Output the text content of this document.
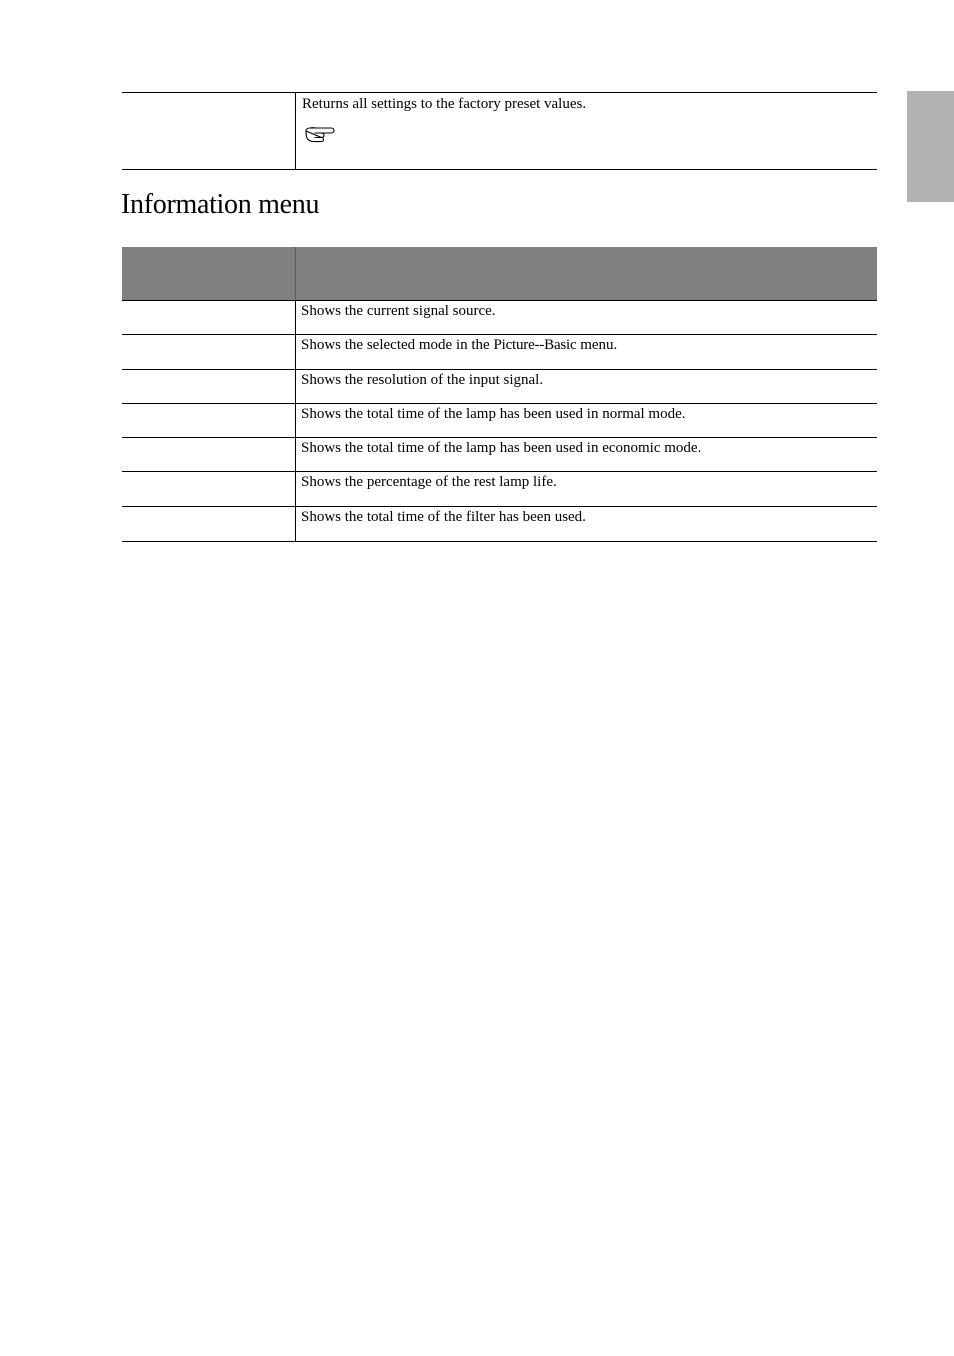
Returns all settings to the factory preset values.
Information menu
Shows the current signal source.
Shows the selected mode in the Picture--Basic menu.
Shows the resolution of the input signal.
Shows the total time of the lamp has been used in normal mode.
Shows the total time of the lamp has been used in economic mode.
Shows the percentage of the rest lamp life.
Shows the total time of the filter has been used.
